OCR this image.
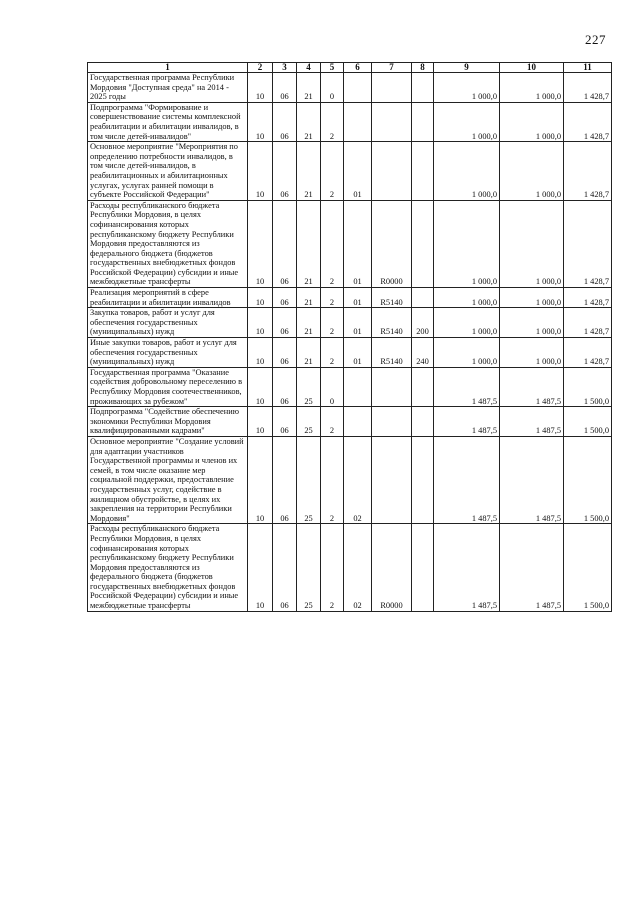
227
1	2	3	4	5	6	7	8	9	10	11
Государственная программа Республики Мордовия "Доступная среда" на 2014 - 2025 годы	10	06	21	0				1 000,0	1 000,0	1 428,7
Подпрограмма "Формирование и совершенствование системы комплексной реабилитации и абилитации инвалидов, в том числе детей-инвалидов"	10	06	21	2				1 000,0	1 000,0	1 428,7
Основное мероприятие "Мероприятия по определению потребности инвалидов, в том числе детей-инвалидов, в реабилитационных и абилитационных услугах, услугах ранней помощи в субъекте Российской Федерации"	10	06	21	2	01			1 000,0	1 000,0	1 428,7
Расходы республиканского бюджета Республики Мордовия, в целях софинансирования которых республиканскому бюджету Республики Мордовия предоставляются из федерального бюджета (бюджетов государственных внебюджетных фондов Российской Федерации) субсидии и иные межбюджетные трансферты	10	06	21	2	01	R0000		1 000,0	1 000,0	1 428,7
Реализация мероприятий в сфере реабилитации и абилитации инвалидов	10	06	21	2	01	R5140		1 000,0	1 000,0	1 428,7
Закупка товаров, работ и услуг для обеспечения государственных (муниципальных) нужд	10	06	21	2	01	R5140	200	1 000,0	1 000,0	1 428,7
Иные закупки товаров, работ и услуг для обеспечения государственных (муниципальных) нужд	10	06	21	2	01	R5140	240	1 000,0	1 000,0	1 428,7
Государственная программа "Оказание содействия добровольному переселению в Республику Мордовия соотечественников, проживающих за рубежом"	10	06	25	0				1 487,5	1 487,5	1 500,0
Подпрограмма "Содействие обеспечению экономики Республики Мордовия квалифицированными кадрами"	10	06	25	2				1 487,5	1 487,5	1 500,0
Основное мероприятие "Создание условий для адаптации участников Государственной программы и членов их семей, в том числе оказание мер социальной поддержки, предоставление государственных услуг, содействие в жилищном обустройстве, в целях их закрепления на территории Республики Мордовия"	10	06	25	2	02			1 487,5	1 487,5	1 500,0
Расходы республиканского бюджета Республики Мордовия, в целях софинансирования которых республиканскому бюджету Республики Мордовия предоставляются из федерального бюджета (бюджетов государственных внебюджетных фондов Российской Федерации) субсидии и иные межбюджетные трансферты	10	06	25	2	02	R0000		1 487,5	1 487,5	1 500,0
